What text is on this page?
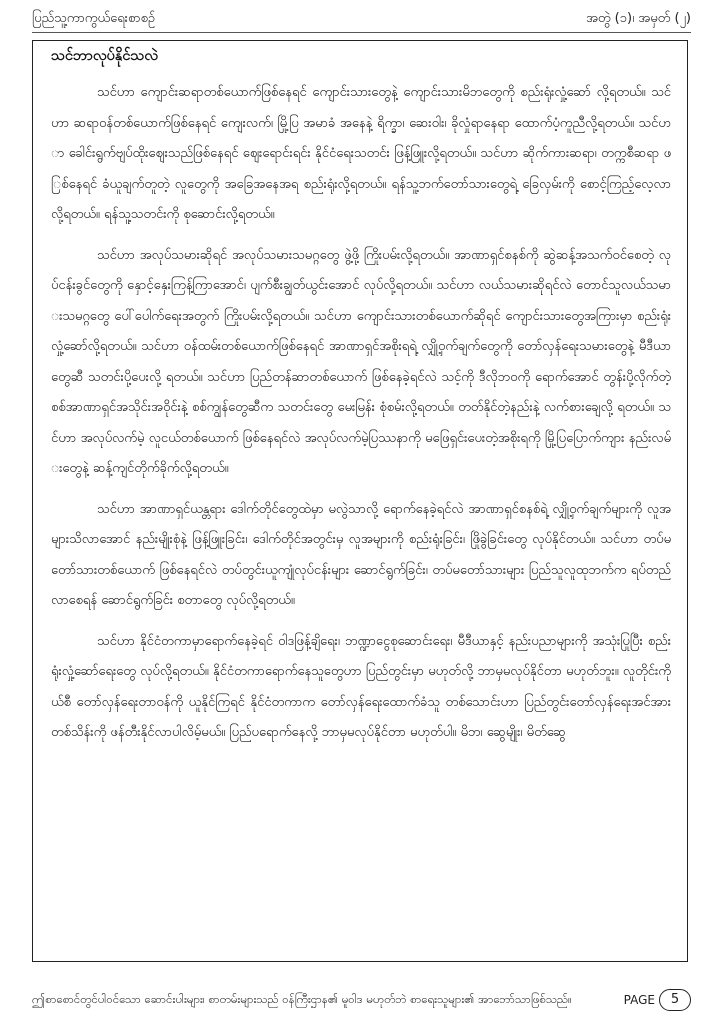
ပြည်သူ့ကာကွယ်ရေးစာစဉ်	အတွဲ (၁)၊ အမှတ် (၂)
သင်ဘာလုပ်နိုင်သလဲ

သင်ဟာ ကျောင်းဆရာတစ်ယောက်ဖြစ်နေရင် ကျောင်းသားတွေနဲ့ ကျောင်းသားမိဘတွေကို စည်းရုံးလှုံ့ဆော် လို့ရတယ်။ သင်ဟာ ဆရာဝန်တစ်ယောက်ဖြစ်နေရင် ကျေးလက်၊ မြို့ပြ အမာခံ အနေနဲ့ ရိက္ခာ၊ ဆေးဝါး၊ ခိုလှုံရာနေရာ ထောက်ပံ့ကူညီလို့ရတယ်။ သင်ဟာ ခေါင်းရွက်ဗျပ်ထိုးဈေးသည်ဖြစ်နေရင် ဈေးရောင်းရင်း နိုင်ငံရေးသတင်း ဖြန့်ဖြူးလို့ရတယ်။ သင်ဟာ ဆိုက်ကားဆရာ၊ တက္ကစီဆရာ ဖြစ်နေရင် ခံယူချက်တူတဲ့ လူတွေကို အခြေအနေအရ စည်းရုံးလို့ရတယ်။ ရန်သူ့ဘက်တော်သားတွေရဲ့ ခြေလှမ်းကို စောင့်ကြည့်လေ့လာလို့ရတယ်။ ရန်သူ့သတင်းကို စုဆောင်းလို့ရတယ်။

သင်ဟာ အလုပ်သမားဆိုရင် အလုပ်သမားသမဂ္ဂတွေ ဖွဲ့ဖို့ ကြိုးပမ်းလို့ရတယ်။ အာဏာရှင်စနစ်ကို ဆွဲဆန့်အသက်ဝင်စေတဲ့ လုပ်ငန်းခွင်တွေကို နှောင့်နှေးကြန့်ကြာအောင်၊ ပျက်စီးချွတ်ယွင်းအောင် လုပ်လို့ရတယ်။ သင်ဟာ လယ်သမားဆိုရင်လဲ တောင်သူလယ်သမားသမဂ္ဂတွေ ပေါ်ပေါက်ရေးအတွက် ကြိုးပမ်းလို့ရတယ်။ သင်ဟာ ကျောင်းသားတစ်ယောက်ဆိုရင် ကျောင်းသားတွေအကြားမှာ စည်းရုံးလှုံ့ဆော်လို့ရတယ်။ သင်ဟာ ဝန်ထမ်းတစ်ယောက်ဖြစ်နေရင် အာဏာရှင်အစိုးရရဲ့ လျှို့ဝှက်ချက်တွေကို တော်လှန်ရေးသမားတွေနဲ့ မီဒီယာတွေဆီ သတင်းပို့ပေးလို့ ရတယ်။ သင်ဟာ ပြည်တန်ဆာတစ်ယောက် ဖြစ်နေခဲ့ရင်လဲ သင့်ကို ဒီလိုဘဝကို ရောက်အောင် တွန်းပို့လိုက်တဲ့ စစ်အာဏာရှင်အသိုင်းအဝိုင်းနဲ့ စစ်ကျွန်တွေဆီက သတင်းတွေ မေးမြန်း စုံစမ်းလို့ရတယ်။ တတ်နိုင်တဲ့နည်းနဲ့ လက်စားချေလို့ ရတယ်။ သင်ဟာ အလုပ်လက်မဲ့ လူငယ်တစ်ယောက် ဖြစ်နေရင်လဲ အလုပ်လက်မဲ့ပြဿနာကို မဖြေရှင်းပေးတဲ့အစိုးရကို မြို့ပြပြောက်ကျား နည်းလမ်းတွေနဲ့ ဆန့်ကျင်တိုက်ခိုက်လို့ရတယ်။

သင်ဟာ အာဏာရှင်ယန္တရား ဒေါက်တိုင်တွေထဲမှာ မလွဲသာလို့ ရောက်နေခဲ့ရင်လဲ အာဏာရှင်စနစ်ရဲ့ လျှို့ဝှက်ချက်များကို လူအများသိလာအောင် နည်းမျိုးစုံနဲ့ ဖြန့်ဖြူးခြင်း၊ ဒေါက်တိုင်အတွင်းမှ လူအများကို စည်းရုံးခြင်း၊ ဖြိုခွဲခြင်းတွေ လုပ်နိုင်တယ်။ သင်ဟာ တပ်မတော်သားတစ်ယောက် ဖြစ်နေရင်လဲ တပ်တွင်းယူကျုံလုပ်ငန်းများ ဆောင်ရွက်ခြင်း၊ တပ်မတော်သားများ ပြည်သူလူထုဘက်က ရပ်တည်လာစေရန် ဆောင်ရွက်ခြင်း စတာတွေ လုပ်လို့ရတယ်။

သင်ဟာ နိုင်ငံတကာမှာရောက်နေခဲ့ရင် ဝါဒဖြန့်ချိရေး၊ ဘဏ္ဍာငွေစုဆောင်းရေး၊ မီဒီယာနှင့် နည်းပညာများကို အသုံးပြုပြီး စည်းရုံးလှုံ့ဆော်ရေးတွေ လုပ်လို့ရတယ်။ နိုင်ငံတကာရောက်နေသူတွေဟာ ပြည်တွင်းမှာ မဟုတ်လို့ ဘာမှမလုပ်နိုင်တာ မဟုတ်ဘူး။ လူတိုင်းကိုယ်စီ တော်လှန်ရေးတာဝန်ကို ယူနိုင်ကြရင် နိုင်ငံတကာက တော်လှန်ရေးထောက်ခံသူ တစ်သောင်းဟာ ပြည်တွင်းတော်လှန်ရေးအင်အား တစ်သိန်းကို ဖန်တီးနိုင်လာပါလိမ့်မယ်။ ပြည်ပရောက်နေလို့ ဘာမှမလုပ်နိုင်တာ မဟုတ်ပါ။ မိဘ၊ ဆွေမျိုး၊ မိတ်ဆွေ

ဤစာစောင်တွင်ပါဝင်သော ဆောင်းပါးများ၊ စာတမ်းများသည် ဝန်ကြီးဌာန၏ မူဝါဒ မဟုတ်ဘဲ စာရေးသူများ၏ အာဘော်သာဖြစ်သည်။	PAGE	5
